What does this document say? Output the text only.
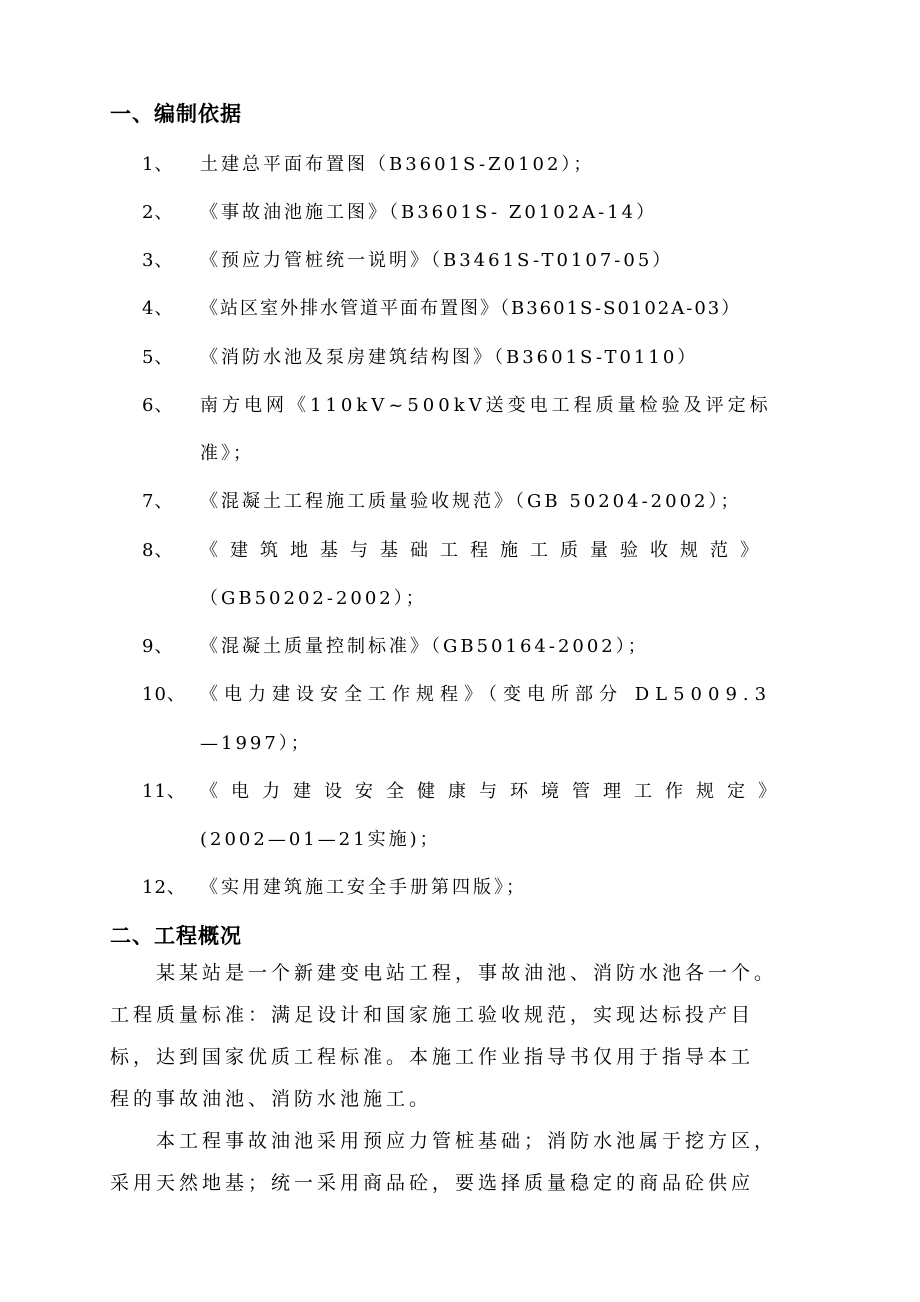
一、编制依据
1、 土建总平面布置图（B3601S-Z0102）；
2、 《事故油池施工图》（B3601S- Z0102A-14）
3、 《预应力管桩统一说明》（B3461S-T0107-05）
4、 《站区室外排水管道平面布置图》（B3601S-S0102A-03）
5、 《消防水池及泵房建筑结构图》（B3601S-T0110）
6、 南方电网《110kV~500kV送变电工程质量检验及评定标
准》；
7、 《混凝土工程施工质量验收规范》（GB 50204-2002）；
8、 《建筑地基与基础工程施工质量验收规范》
（GB50202-2002）；
9、 《混凝土质量控制标准》（GB50164-2002）；
10、 《电力建设安全工作规程》（变电所部分 DL5009.3
—1997）；
11、 《电力建设安全健康与环境管理工作规定》
(2002—01—21实施)；
12、 《实用建筑施工安全手册第四版》；
二、工程概况
　　某某站是一个新建变电站工程，事故油池、消防水池各一个。
工程质量标准：满足设计和国家施工验收规范，实现达标投产目
标，达到国家优质工程标准。本施工作业指导书仅用于指导本工
程的事故油池、消防水池施工。
　　本工程事故油池采用预应力管桩基础；消防水池属于挖方区，
采用天然地基；统一采用商品砼，要选择质量稳定的商品砼供应
